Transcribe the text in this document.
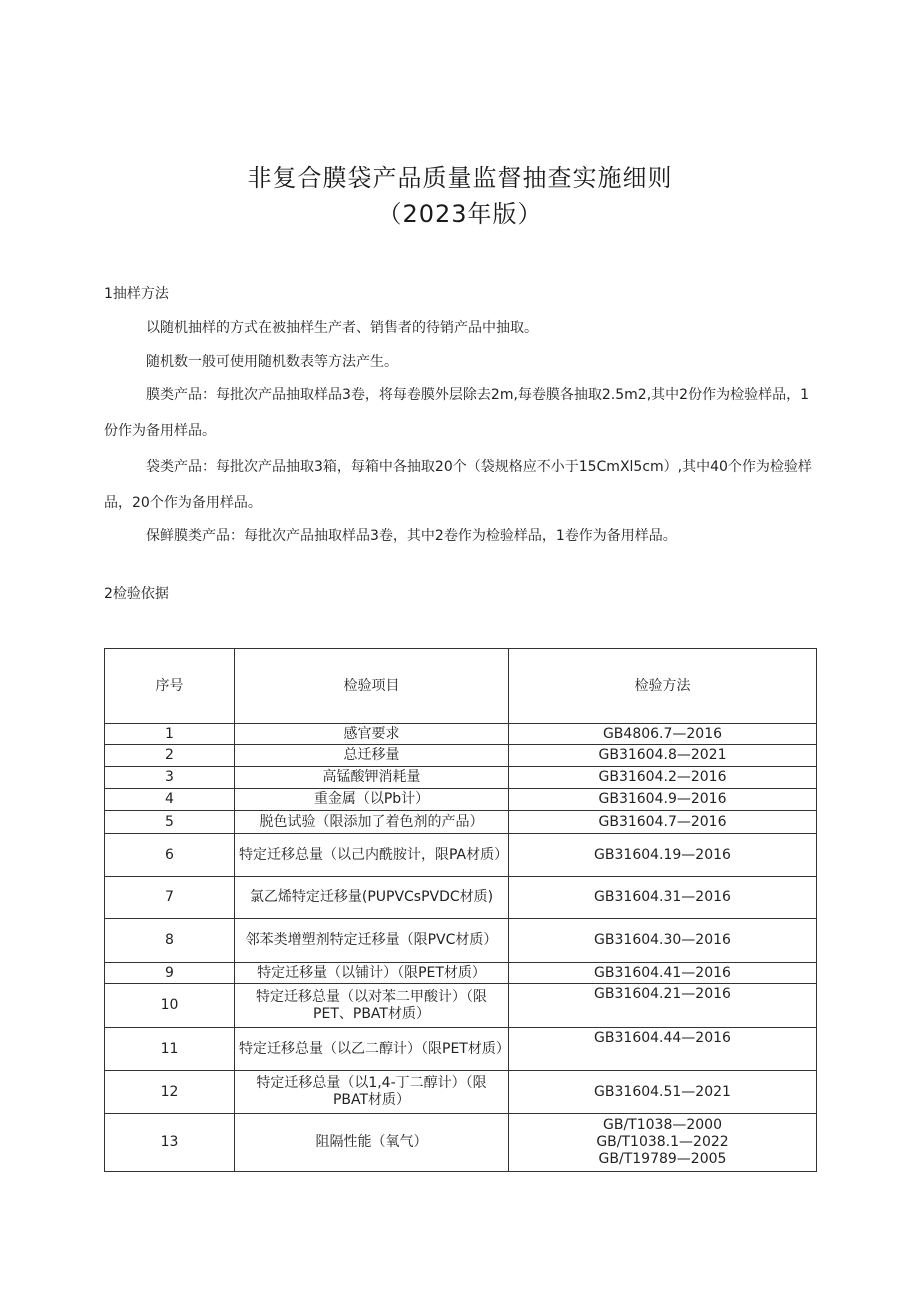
非复合膜袋产品质量监督抽查实施细则
（2023年版）
1抽样方法
以随机抽样的方式在被抽样生产者、销售者的待销产品中抽取。
随机数一般可使用随机数表等方法产生。
膜类产品：每批次产品抽取样品3卷，将每卷膜外层除去2m,每卷膜各抽取2.5m2,其中2份作为检验样品，1份作为备用样品。
袋类产品：每批次产品抽取3箱，每箱中各抽取20个（袋规格应不小于15CmXl5cm）,其中40个作为检验样品，20个作为备用样品。
保鲜膜类产品：每批次产品抽取样品3卷，其中2卷作为检验样品，1卷作为备用样品。
2检验依据
序号	检验项目	检验方法
1	感官要求	GB4806.7—2016
2	总迁移量	GB31604.8—2021
3	高锰酸钾消耗量	GB31604.2—2016
4	重金属（以Pb计）	GB31604.9—2016
5	脱色试验（限添加了着色剂的产品）	GB31604.7—2016
6	特定迁移总量（以己内酰胺计，限PA材质）	GB31604.19—2016
7	氯乙烯特定迁移量(PUPVCsPVDC材质)	GB31604.31—2016
8	邻苯类增塑剂特定迁移量（限PVC材质）	GB31604.30—2016
9	特定迁移量（以铺计）（限PET材质）	GB31604.41—2016
10	特定迁移总量（以对苯二甲酸计）（限PET、PBAT材质）	GB31604.21—2016
11	特定迁移总量（以乙二醇计）（限PET材质）	GB31604.44—2016
12	特定迁移总量（以1,4-丁二醇计）（限PBAT材质）	GB31604.51—2021
13	阻隔性能（氧气）	GB/T1038—2000
GB/T1038.1—2022
GB/T19789—2005
